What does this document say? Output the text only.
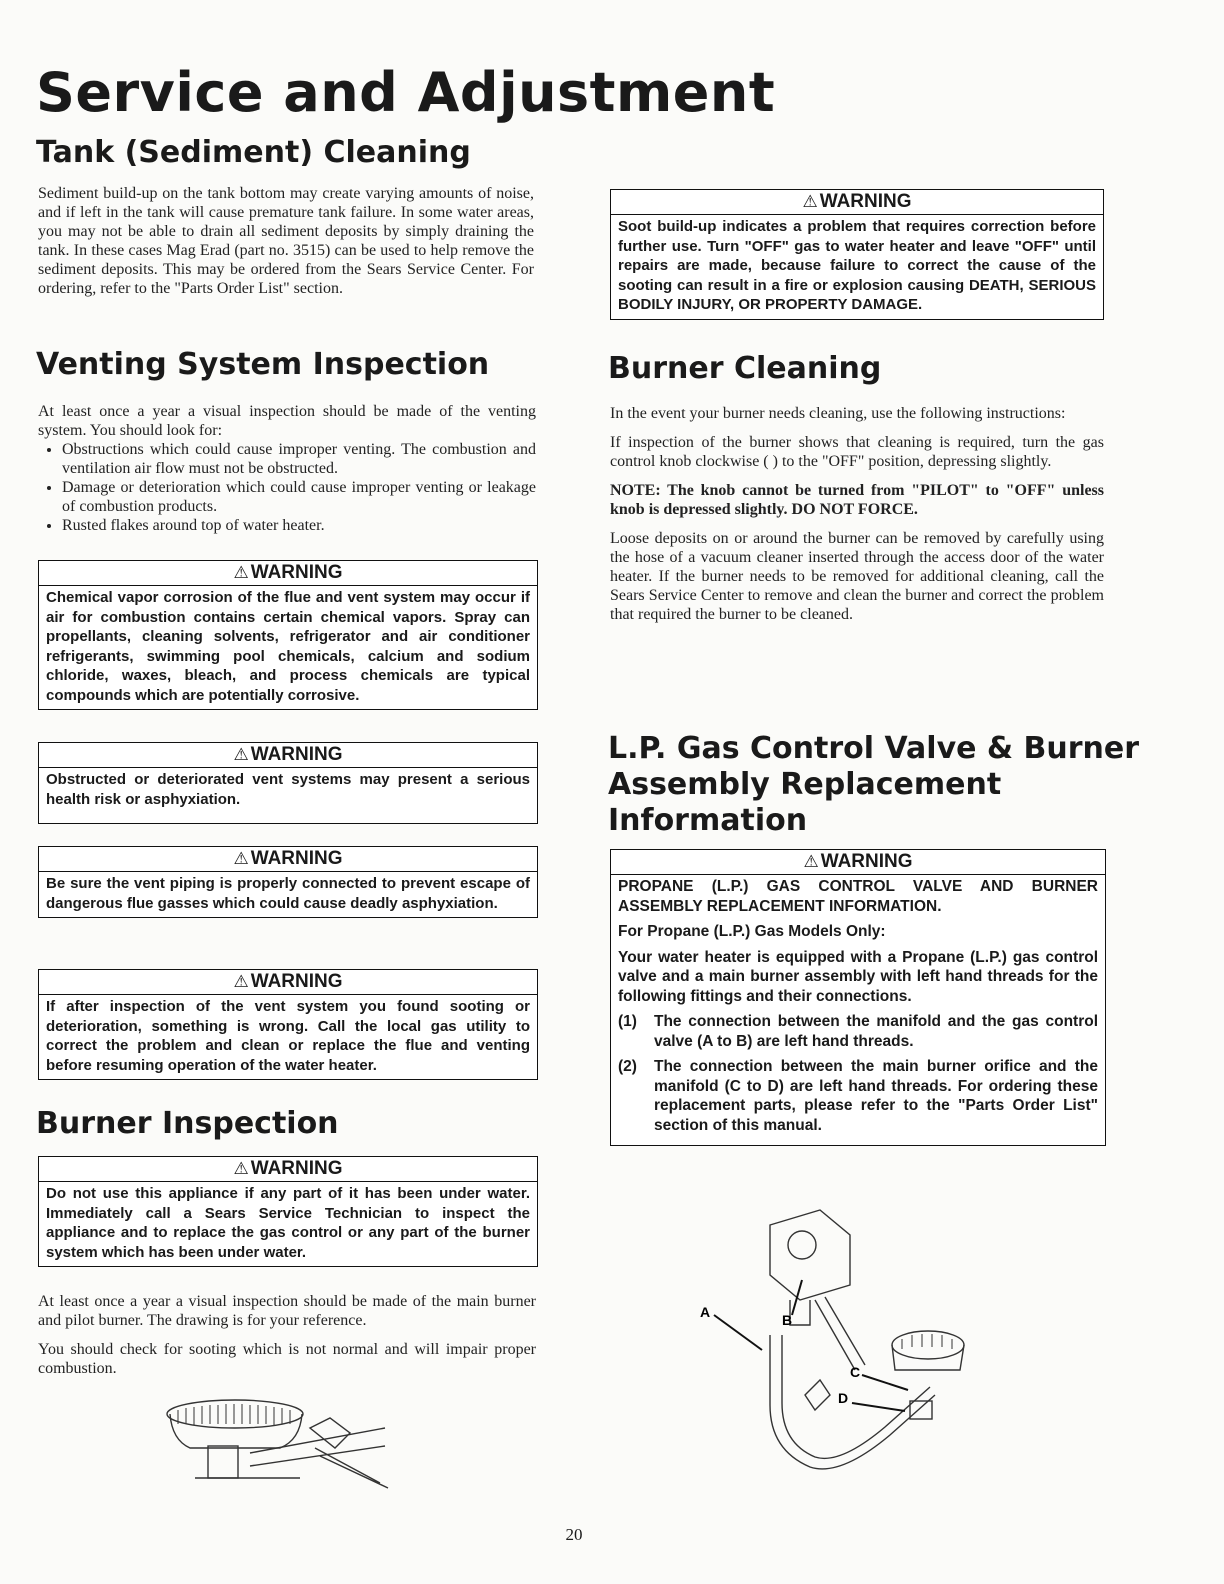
Service and Adjustment
Tank (Sediment) Cleaning
Sediment build-up on the tank bottom may create varying amounts of noise, and if left in the tank will cause premature tank failure. In some water areas, you may not be able to drain all sediment deposits by simply draining the tank. In these cases Mag Erad (part no. 3515) can be used to help remove the sediment deposits. This may be ordered from the Sears Service Center. For ordering, refer to the "Parts Order List" section.
Venting System Inspection

At least once a year a visual inspection should be made of the venting system. You should look for:

• Obstructions which could cause improper venting. The combustion and ventilation air flow must not be obstructed.
• Damage or deterioration which could cause improper venting or leakage of combustion products.
• Rusted flakes around top of water heater.
⚠ WARNING
Chemical vapor corrosion of the flue and vent system may occur if air for combustion contains certain chemical vapors. Spray can propellants, cleaning solvents, refrigerator and air conditioner refrigerants, swimming pool chemicals, calcium and sodium chloride, waxes, bleach, and process chemicals are typical compounds which are potentially corrosive.
⚠ WARNING
Obstructed or deteriorated vent systems may present a serious health risk or asphyxiation.
⚠ WARNING
Be sure the vent piping is properly connected to prevent escape of dangerous flue gasses which could cause deadly asphyxiation.
⚠ WARNING
If after inspection of the vent system you found sooting or deterioration, something is wrong. Call the local gas utility to correct the problem and clean or replace the flue and venting before resuming operation of the water heater.
Burner Inspection
⚠ WARNING
Do not use this appliance if any part of it has been under water. Immediately call a Sears Service Technician to inspect the appliance and to replace the gas control or any part of the burner system which has been under water.

At least once a year a visual inspection should be made of the main burner and pilot burner. The drawing is for your reference.

You should check for sooting which is not normal and will impair proper combustion.

20
⚠ WARNING
Soot build-up indicates a problem that requires correction before further use. Turn "OFF" gas to water heater and leave "OFF" until repairs are made, because failure to correct the cause of the sooting can result in a fire or explosion causing DEATH, SERIOUS BODILY INJURY, OR PROPERTY DAMAGE.
Burner Cleaning

In the event your burner needs cleaning, use the following instructions:

If inspection of the burner shows that cleaning is required, turn the gas control knob clockwise ( ) to the "OFF" position, depressing slightly.

NOTE: The knob cannot be turned from "PILOT" to "OFF" unless knob is depressed slightly. DO NOT FORCE.

Loose deposits on or around the burner can be removed by carefully using the hose of a vacuum cleaner inserted through the access door of the water heater. If the burner needs to be removed for additional cleaning, call the Sears Service Center to remove and clean the burner and correct the problem that required the burner to be cleaned.

L.P. Gas Control Valve & Burner
Assembly Replacement
Information
⚠ WARNING

PROPANE (L.P.) GAS CONTROL VALVE AND BURNER ASSEMBLY REPLACEMENT INFORMATION.

For Propane (L.P.) Gas Models Only:

Your water heater is equipped with a Propane (L.P.) gas control valve and a main burner assembly with left hand threads for the following fittings and their connections.

(1)	The connection between the manifold and the gas control valve (A to B) are left hand threads.
(2)	The connection between the main burner orifice and the manifold (C to D) are left hand threads. For ordering these replacement parts, please refer to the "Parts Order List" section of this manual.
A	B
C
D
